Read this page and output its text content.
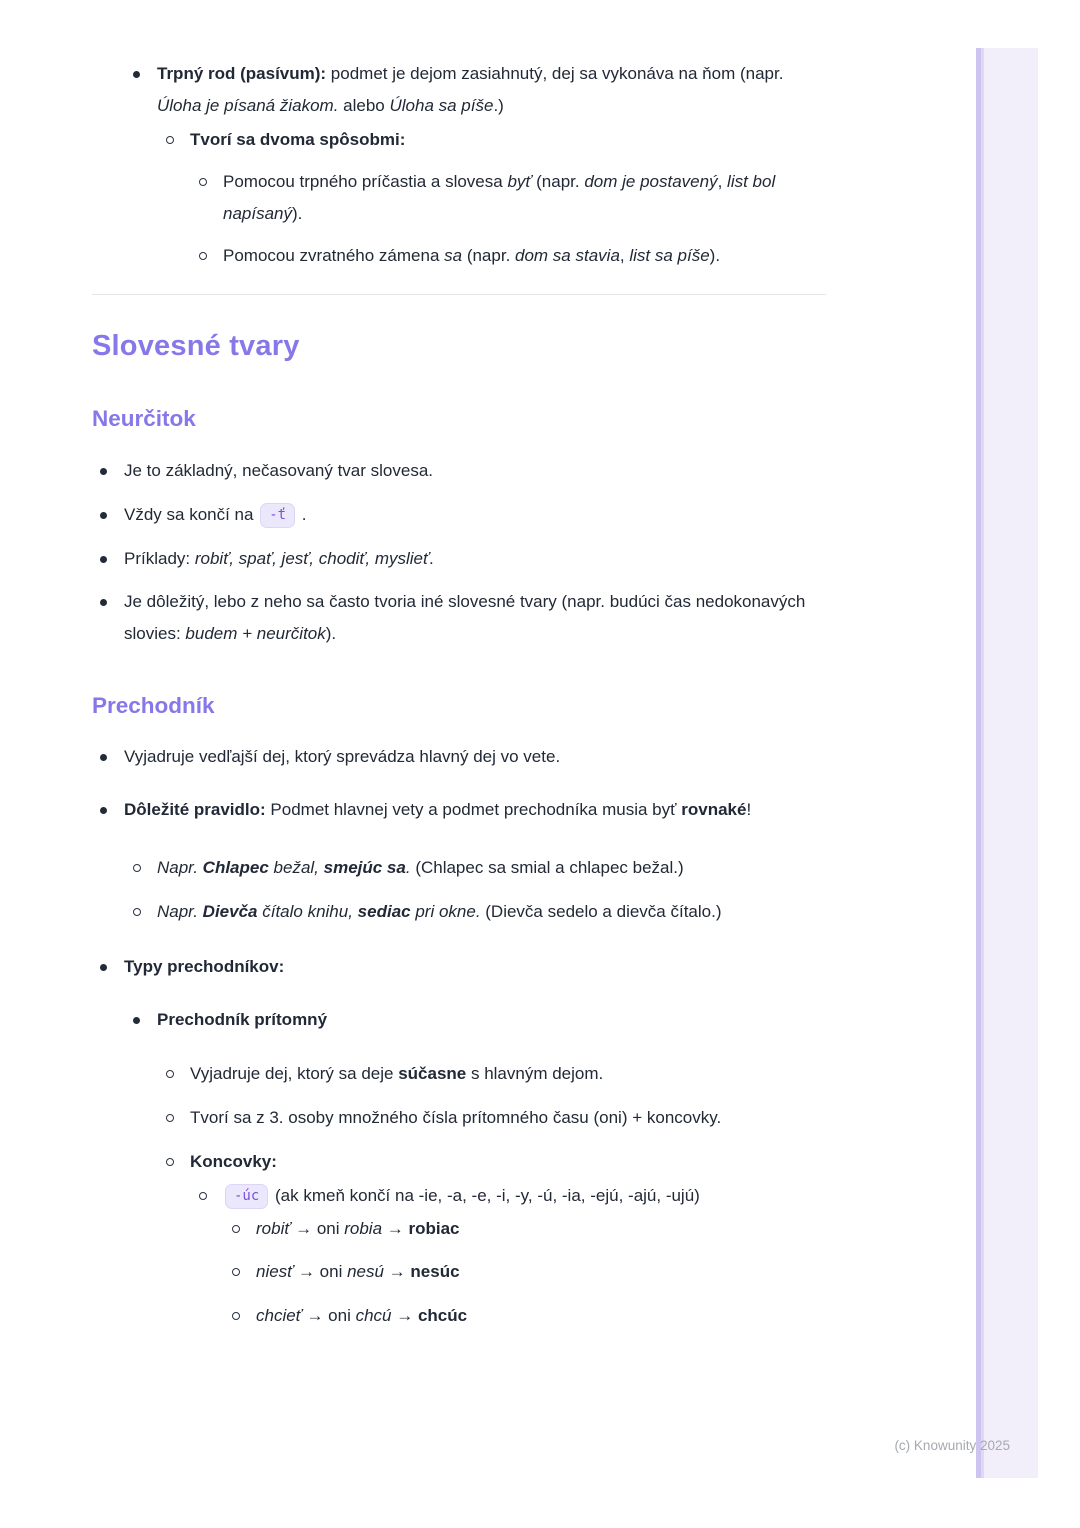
Trpný rod (pasívum): podmet je dejom zasiahnutý, dej sa vykonáva na ňom (napr. Úloha je písaná žiakom. alebo Úloha sa píše.)
Tvorí sa dvoma spôsobmi:
Pomocou trpného príčastia a slovesa byť (napr. dom je postavený, list bol napísaný).
Pomocou zvratného zámena sa (napr. dom sa stavia, list sa píše).
Slovesné tvary
Neurčitok
Je to základný, nečasovaný tvar slovesa.
Vždy sa končí na -ť .
Príklady: robiť, spať, jesť, chodiť, myslieť.
Je dôležitý, lebo z neho sa často tvoria iné slovesné tvary (napr. budúci čas nedokonavých slovies: budem + neurčitok).
Prechodník
Vyjadruje vedľajší dej, ktorý sprevádza hlavný dej vo vete.
Dôležité pravidlo: Podmet hlavnej vety a podmet prechodníka musia byť rovnaké!
Napr. Chlapec bežal, smejúc sa. (Chlapec sa smial a chlapec bežal.)
Napr. Dievča čítalo knihu, sediac pri okne. (Dievča sedelo a dievča čítalo.)
Typy prechodníkov:
Prechodník prítomný
Vyjadruje dej, ktorý sa deje súčasne s hlavným dejom.
Tvorí sa z 3. osoby množného čísla prítomného času (oni) + koncovky.
Koncovky:
-úc (ak kmeň končí na -ie, -a, -e, -i, -y, -ú, -ia, -ejú, -ajú, -ujú)
robiť → oni robia → robiac
niesť → oni nesú → nesúc
chcieť → oni chcú → chcúc
(c) Knowunity 2025
